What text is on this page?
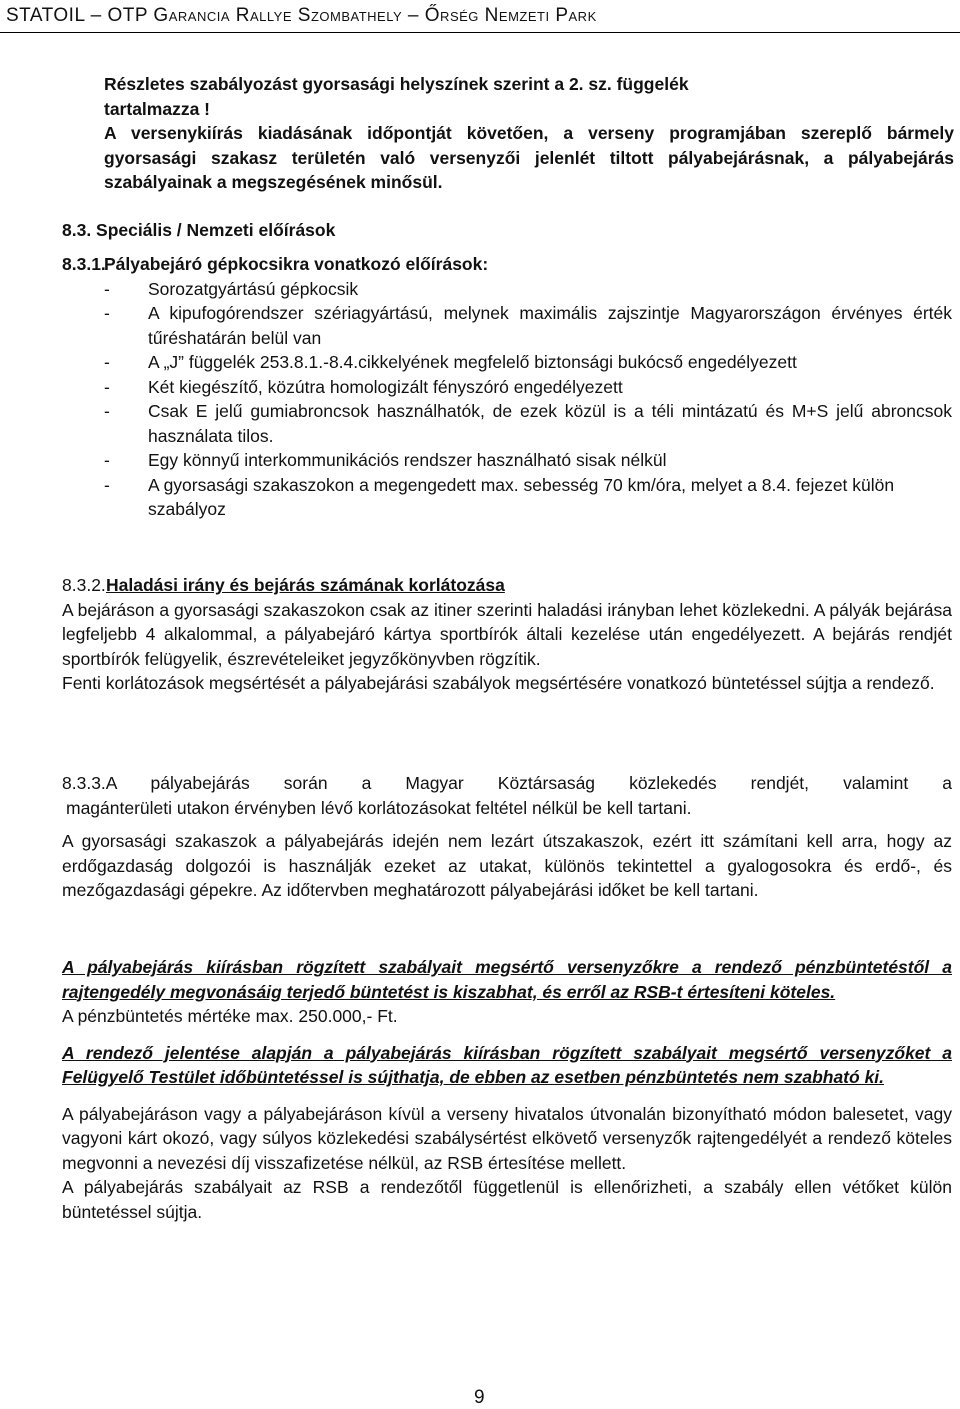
STATOIL – OTP Garancia Rallye Szombathely – Őrség Nemzeti Park

Részletes szabályozást gyorsasági helyszínek szerint a 2. sz. függelék

tartalmazza !

A versenykiírás kiadásának időpontját követően, a verseny programjában szereplő bármely gyorsasági szakasz területén való versenyzői jelenlét tiltott pályabejárásnak, a pályabejárás szabályainak a megszegésének minősül.

8.3. Speciális / Nemzeti előírások
8.3.1.

Pályabejáró gépkocsikra vonatkozó előírások:

- Sorozatgyártású gépkocsik
- A kipufogórendszer szériagyártású, melynek maximális zajszintje Magyarországon érvényes érték tűréshatárán belül van
- A „J” függelék 253.8.1.-8.4.cikkelyének megfelelő biztonsági bukócső engedélyezett
- Két kiegészítő, közútra homologizált fényszóró engedélyezett
- Csak E jelű gumiabroncsok használhatók, de ezek közül is a téli mintázatú és M+S jelű abroncsok használata tilos.
- Egy könnyű interkommunikációs rendszer használható sisak nélkül
- A gyorsasági szakaszokon a megengedett max. sebesség 70 km/óra, melyet a 8.4. fejezet külön szabályoz
8.3.2. Haladási irány és bejárás számának korlátozása

A bejáráson a gyorsasági szakaszokon csak az itiner szerinti haladási irányban lehet közlekedni. A pályák bejárása legfeljebb 4 alkalommal, a pályabejáró kártya sportbírók általi kezelése után engedélyezett. A bejárás rendjét sportbírók felügyelik, észrevételeiket jegyzőkönyvben rögzítik.

Fenti korlátozások megsértését a pályabejárási szabályok megsértésére vonatkozó büntetéssel sújtja a rendező.

8.3.3.A pályabejárás során a Magyar Köztársaság közlekedés rendjét, valamint a

magánterületi utakon érvényben lévő korlátozásokat feltétel nélkül be kell tartani.

A gyorsasági szakaszok a pályabejárás idején nem lezárt útszakaszok, ezért itt számítani kell arra, hogy az erdőgazdaság dolgozói is használják ezeket az utakat, különös tekintettel a gyalogosokra és erdő-, és mezőgazdasági gépekre. Az időtervben meghatározott pályabejárási időket be kell tartani.

A pályabejárás kiírásban rögzített szabályait megsértő versenyzőkre a rendező pénzbüntetéstől a rajtengedély megvonásáig terjedő büntetést is kiszabhat, és erről az RSB-t értesíteni köteles.

A pénzbüntetés mértéke max. 250.000,- Ft.

A rendező jelentése alapján a pályabejárás kiírásban rögzített szabályait megsértő versenyzőket a Felügyelő Testület időbüntetéssel is sújthatja, de ebben az esetben pénzbüntetés nem szabható ki.

A pályabejáráson vagy a pályabejáráson kívül a verseny hivatalos útvonalán bizonyítható módon balesetet, vagy vagyoni kárt okozó, vagy súlyos közlekedési szabálysértést elkövető versenyzők rajtengedélyét a rendező köteles megvonni a nevezési díj visszafizetése nélkül, az RSB értesítése mellett.

A pályabejárás szabályait az RSB a rendezőtől függetlenül is ellenőrizheti, a szabály ellen vétőket külön büntetéssel sújtja.

9
